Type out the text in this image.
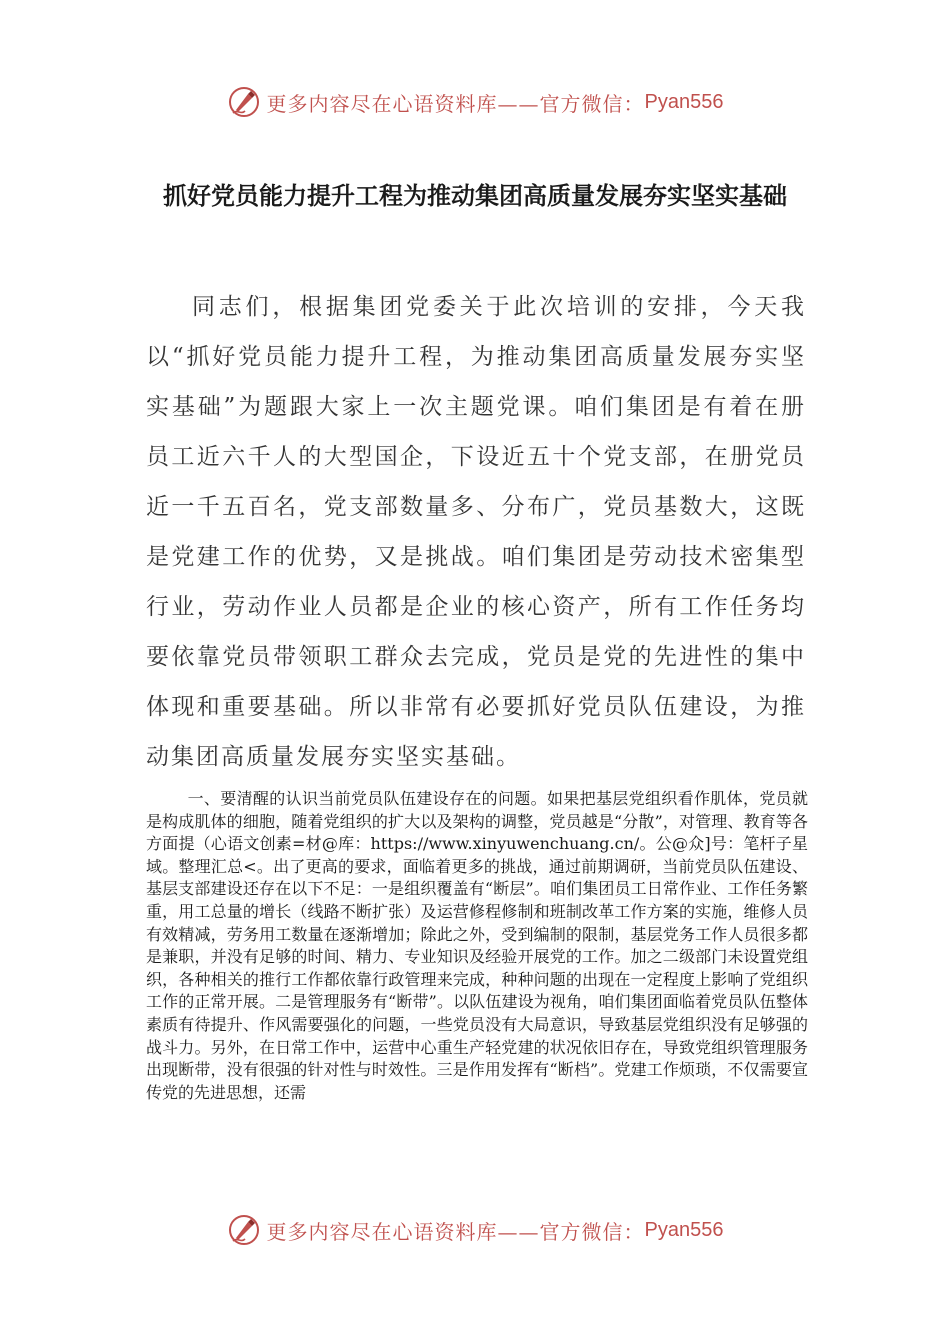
更多内容尽在心语资料库——官方微信： Pyan556
抓好党员能力提升工程为推动集团高质量发展夯实坚实基础

同志们，根据集团党委关于此次培训的安排，今天我以“抓好党员能力提升工程，为推动集团高质量发展夯实坚实基础”为题跟大家上一次主题党课。咱们集团是有着在册员工近六千人的大型国企，下设近五十个党支部，在册党员近一千五百名，党支部数量多、分布广，党员基数大，这既是党建工作的优势，又是挑战。咱们集团是劳动技术密集型行业，劳动作业人员都是企业的核心资产，所有工作任务均要依靠党员带领职工群众去完成，党员是党的先进性的集中体现和重要基础。所以非常有必要抓好党员队伍建设，为推动集团高质量发展夯实坚实基础。

一、要清醒的认识当前党员队伍建设存在的问题。如果把基层党组织看作肌体，党员就是构成肌体的细胞，随着党组织的扩大以及架构的调整，党员越是“分散”，对管理、教育等各方面提（心语文创素=材@库：https://www.xinyuwenchuang.cn/。公@众]号：笔杆子星域。整理汇总<。出了更高的要求，面临着更多的挑战，通过前期调研，当前党员队伍建设、基层支部建设还存在以下不足：一是组织覆盖有“断层”。咱们集团员工日常作业、工作任务繁重，用工总量的增长（线路不断扩张）及运营修程修制和班制改革工作方案的实施，维修人员有效精减，劳务用工数量在逐渐增加；除此之外，受到编制的限制，基层党务工作人员很多都是兼职，并没有足够的时间、精力、专业知识及经验开展党的工作。加之二级部门未设置党组织，各种相关的推行工作都依靠行政管理来完成，种种问题的出现在一定程度上影响了党组织工作的正常开展。二是管理服务有“断带”。以队伍建设为视角，咱们集团面临着党员队伍整体素质有待提升、作风需要强化的问题，一些党员没有大局意识，导致基层党组织没有足够强的战斗力。另外，在日常工作中，运营中心重生产轻党建的状况依旧存在，导致党组织管理服务出现断带，没有很强的针对性与时效性。三是作用发挥有“断档”。党建工作烦琐，不仅需要宣传党的先进思想，还需

更多内容尽在心语资料库——官方微信： Pyan556
